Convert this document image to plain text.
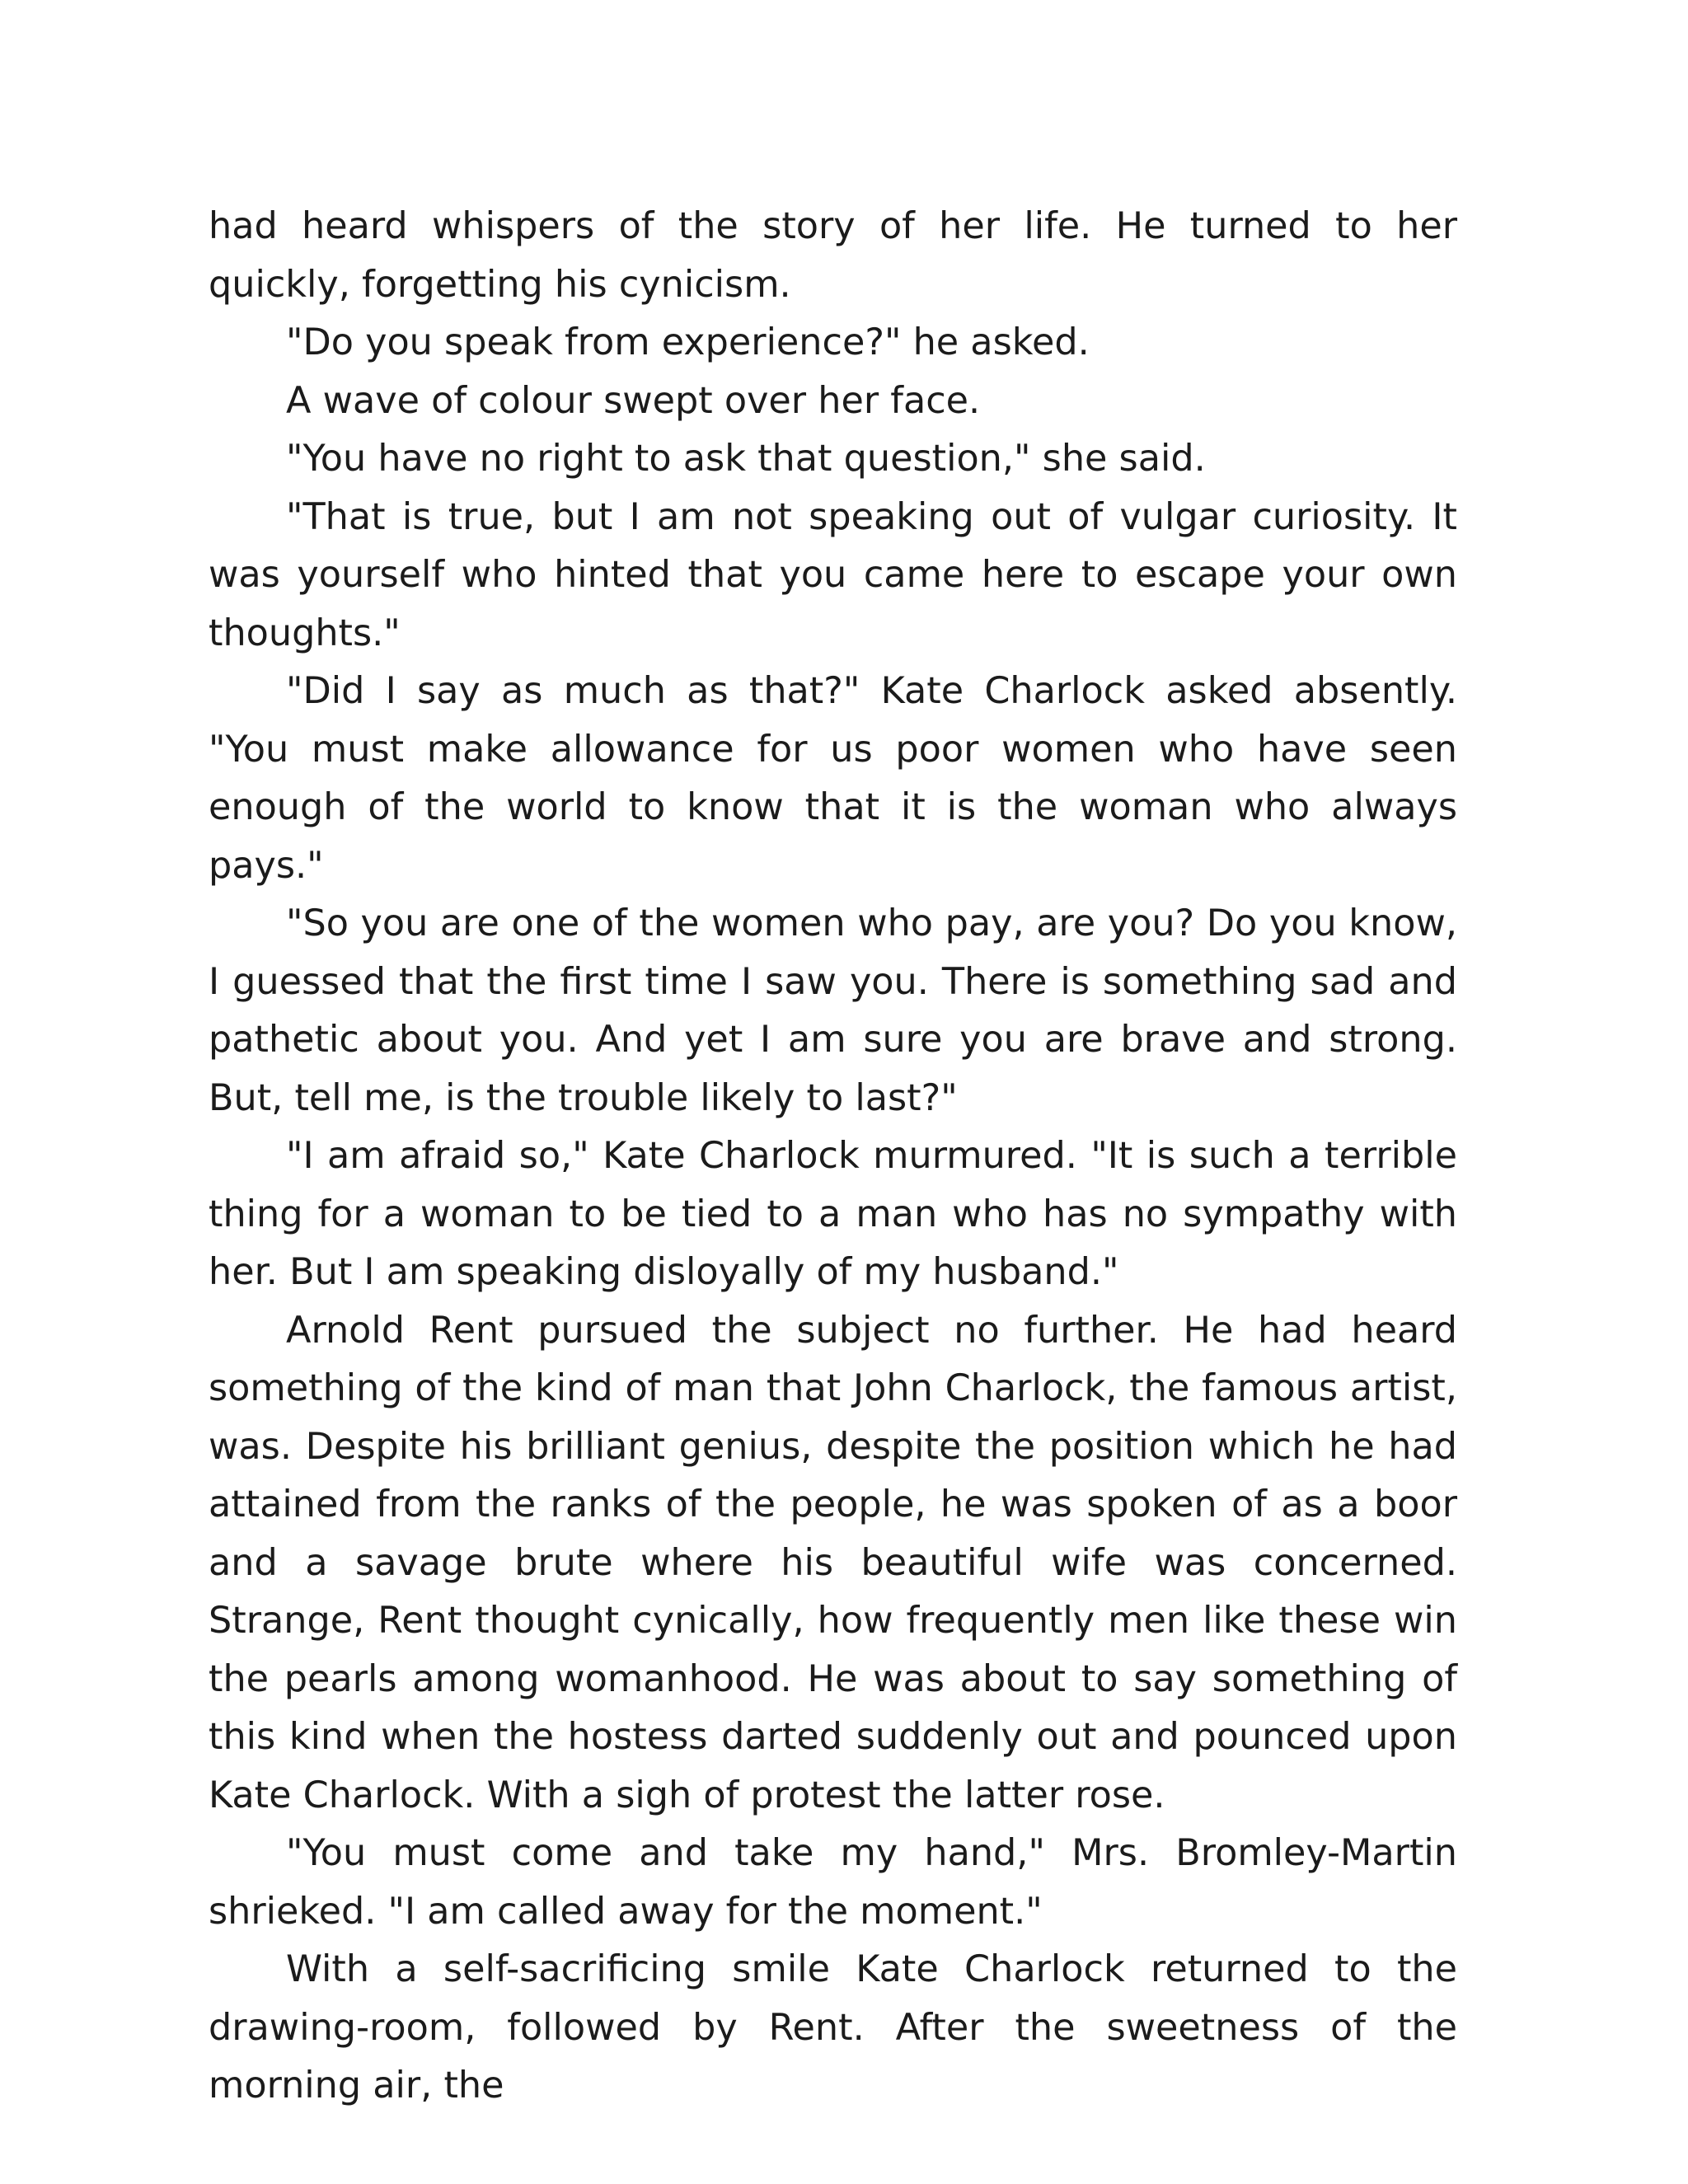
had heard whispers of the story of her life. He turned to her quickly, forgetting his cynicism.

"Do you speak from experience?" he asked.

A wave of colour swept over her face.

"You have no right to ask that question," she said.

"That is true, but I am not speaking out of vulgar curiosity. It was yourself who hinted that you came here to escape your own thoughts."

"Did I say as much as that?" Kate Charlock asked absently. "You must make allowance for us poor women who have seen enough of the world to know that it is the woman who always pays."

"So you are one of the women who pay, are you? Do you know, I guessed that the first time I saw you. There is something sad and pathetic about you. And yet I am sure you are brave and strong. But, tell me, is the trouble likely to last?"

"I am afraid so," Kate Charlock murmured. "It is such a terrible thing for a woman to be tied to a man who has no sympathy with her. But I am speaking disloyally of my husband."

Arnold Rent pursued the subject no further. He had heard something of the kind of man that John Charlock, the famous artist, was. Despite his brilliant genius, despite the position which he had attained from the ranks of the people, he was spoken of as a boor and a savage brute where his beautiful wife was concerned. Strange, Rent thought cynically, how frequently men like these win the pearls among womanhood. He was about to say something of this kind when the hostess darted suddenly out and pounced upon Kate Charlock. With a sigh of protest the latter rose.

"You must come and take my hand," Mrs. Bromley-Martin shrieked. "I am called away for the moment."

With a self-sacrificing smile Kate Charlock returned to the drawing-room, followed by Rent. After the sweetness of the morning air, the
